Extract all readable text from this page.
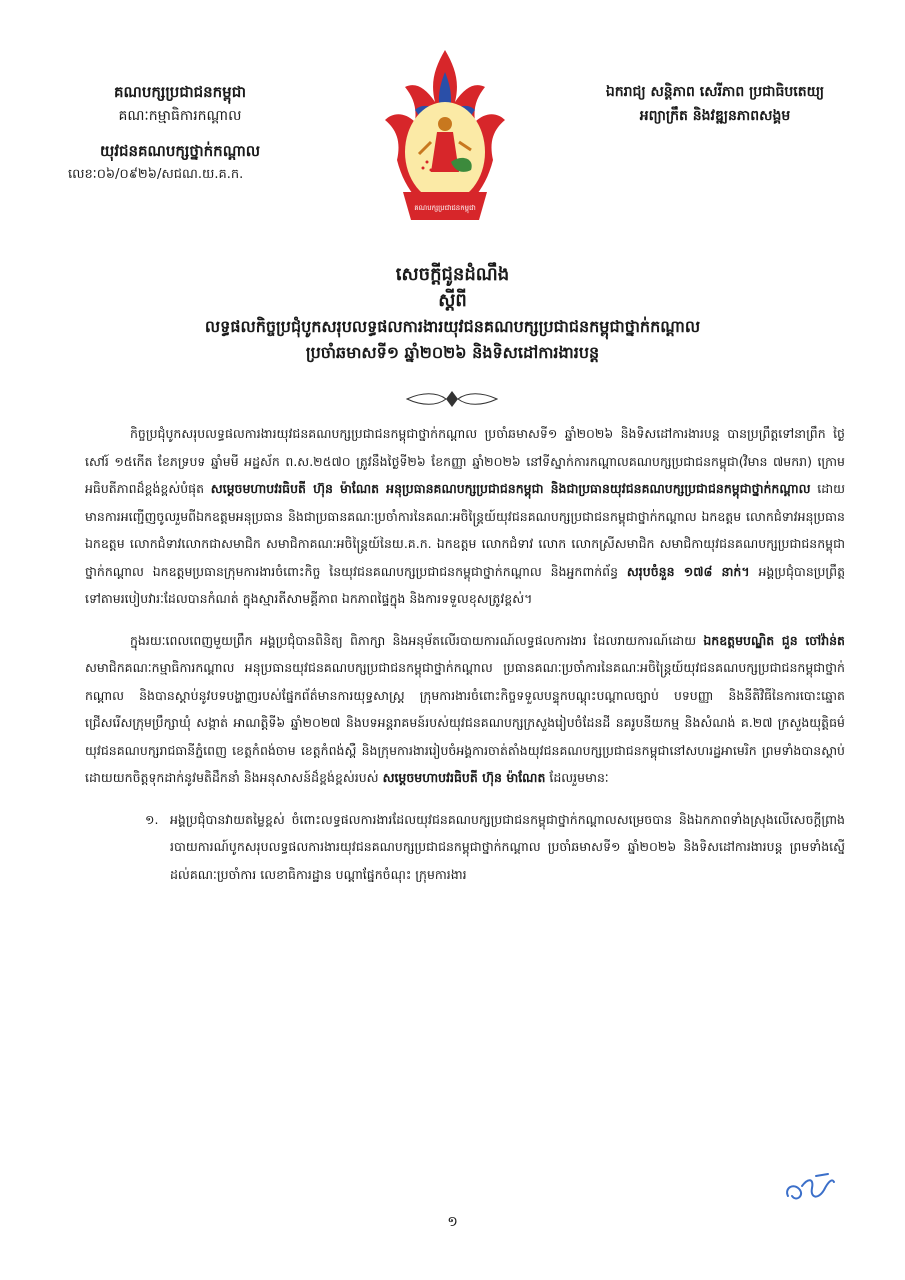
គណបក្សប្រជាជនកម្ពុជា
គណៈកម្មាធិការកណ្ដាល
យុវជនគណបក្សថ្នាក់កណ្ដាល
លេខៈ០៦/០៩២៦/សជណ.យ.គ.ក.
គណបក្សប្រជាជនកម្ពុជា
ឯករាជ្យ សន្តិភាព សេរីភាព ប្រជាធិបតេយ្យ
អព្យាក្រឹត និងវឌ្ឍនភាពសង្គម
សេចក្ដីជូនដំណឹង
ស្ដីពី
លទ្ធផលកិច្ចប្រជុំបូកសរុបលទ្ធផលការងារយុវជនគណបក្សប្រជាជនកម្ពុជាថ្នាក់កណ្ដាល
ប្រចាំឆមាសទី១ ឆ្នាំ២០២៦ និងទិសដៅការងារបន្ត

កិច្ចប្រជុំបូកសរុបលទ្ធផលការងារយុវជនគណបក្សប្រជាជនកម្ពុជាថ្នាក់កណ្ដាល ប្រចាំឆមាសទី១ ឆ្នាំ២០២៦ និងទិសដៅការងារបន្ត បានប្រព្រឹត្តទៅនាព្រឹក ថ្ងៃសៅរ៍ ១៥កើត ខែភទ្របទ ឆ្នាំមមី អដ្ឋស័ក ព.ស.២៥៧០ ត្រូវនឹងថ្ងៃទី២៦ ខែកញ្ញា ឆ្នាំ២០២៦ នៅទីស្នាក់ការកណ្ដាលគណបក្សប្រជាជនកម្ពុជា(វិមាន ៧មករា) ក្រោមអធិបតីភាពដ៏ខ្ពង់ខ្ពស់បំផុត សម្ដេចមហាបវរធិបតី ហ៊ុន ម៉ាណែត អនុប្រធានគណបក្សប្រជាជនកម្ពុជា និងជាប្រធានយុវជនគណបក្សប្រជាជនកម្ពុជាថ្នាក់កណ្ដាល ដោយមានការអញ្ជើញចូលរួមពីឯកឧត្ដមអនុប្រធាន និងជាប្រធានគណៈប្រចាំការនៃគណៈអចិន្ត្រៃយ៍យុវជនគណបក្សប្រជាជនកម្ពុជាថ្នាក់កណ្ដាល ឯកឧត្ដម លោកជំទាវអនុប្រធាន ឯកឧត្ដម លោកជំទាវលោកជាសមាជិក សមាជិកាគណៈអចិន្ត្រៃយ៍នៃយ.គ.ក. ឯកឧត្ដម លោកជំទាវ លោក លោកស្រីសមាជិក សមាជិកាយុវជនគណបក្សប្រជាជនកម្ពុជាថ្នាក់កណ្ដាល ឯកឧត្ដមប្រធានក្រុមការងារចំពោះកិច្ច នៃយុវជនគណបក្សប្រជាជនកម្ពុជាថ្នាក់កណ្ដាល និងអ្នកពាក់ព័ន្ធ សរុបចំនួន ១៧៨ នាក់។ អង្គប្រជុំបានប្រព្រឹត្តទៅតាមរបៀបវារៈដែលបានកំណត់ ក្នុងស្មារតីសាមគ្គីភាព ឯកភាពផ្ទៃក្នុង និងការទទួលខុសត្រូវខ្ពស់។

ក្នុងរយៈពេលពេញមួយព្រឹក អង្គប្រជុំបានពិនិត្យ ពិភាក្សា និងអនុម័តលើរបាយការណ៍លទ្ធផលការងារ ដែលរាយការណ៍ដោយ ឯកឧត្ដមបណ្ឌិត ជួន ចៅវ៉ាន់ត សមាជិកគណៈកម្មាធិការកណ្ដាល អនុប្រធានយុវជនគណបក្សប្រជាជនកម្ពុជាថ្នាក់កណ្ដាល ប្រធានគណៈប្រចាំការនៃគណៈអចិន្ត្រៃយ៍យុវជនគណបក្សប្រជាជនកម្ពុជាថ្នាក់កណ្ដាល និងបានស្ដាប់នូវបទបង្ហាញរបស់ផ្នែកព័ត៌មានការយុទ្ធសាស្ត្រ ក្រុមការងារចំពោះកិច្ចទទួលបន្ទុកបណ្ដុះបណ្ដាលច្បាប់ បទបញ្ញា និងនីតិវិធីនៃការបោះឆ្នោតជ្រើសរើសក្រុមប្រឹក្សាឃុំ សង្កាត់ អាណត្តិទី៦ ឆ្នាំ២០២៧ និងបទអន្តរាគមន៍របស់យុវជនគណបក្សក្រសួងរៀបចំដែនដី នគរូបនីយកម្ម និងសំណង់ គ.២៧ ក្រសួងយុត្តិធម៌ យុវជនគណបក្សរាជធានីភ្នំពេញ ខេត្តកំពង់ចាម ខេត្តកំពង់ស្ពឺ និងក្រុមការងាររៀបចំអង្គការចាត់តាំងយុវជនគណបក្សប្រជាជនកម្ពុជានៅសហរដ្ឋអាមេរិក ព្រមទាំងបានស្ដាប់ដោយយកចិត្តទុកដាក់នូវមតិដឹកនាំ និងអនុសាសន៍ដ៏ខ្ពង់ខ្ពស់របស់ សម្ដេចមហាបវរធិបតី ហ៊ុន ម៉ាណែត ដែលរួមមានៈ

១. អង្គប្រជុំបានវាយតម្លៃខ្ពស់ ចំពោះលទ្ធផលការងារដែលយុវជនគណបក្សប្រជាជនកម្ពុជាថ្នាក់កណ្ដាលសម្រេចបាន និងឯកភាពទាំងស្រុងលើសេចក្ដីព្រាងរបាយការណ៍បូកសរុបលទ្ធផលការងារយុវជនគណបក្សប្រជាជនកម្ពុជាថ្នាក់កណ្ដាល ប្រចាំឆមាសទី១ ឆ្នាំ២០២៦ និងទិសដៅការងារបន្ត ព្រមទាំងស្នើដល់គណៈប្រចាំការ លេខាធិការដ្ឋាន បណ្ដាផ្នែកចំណុះ ក្រុមការងារ

១
